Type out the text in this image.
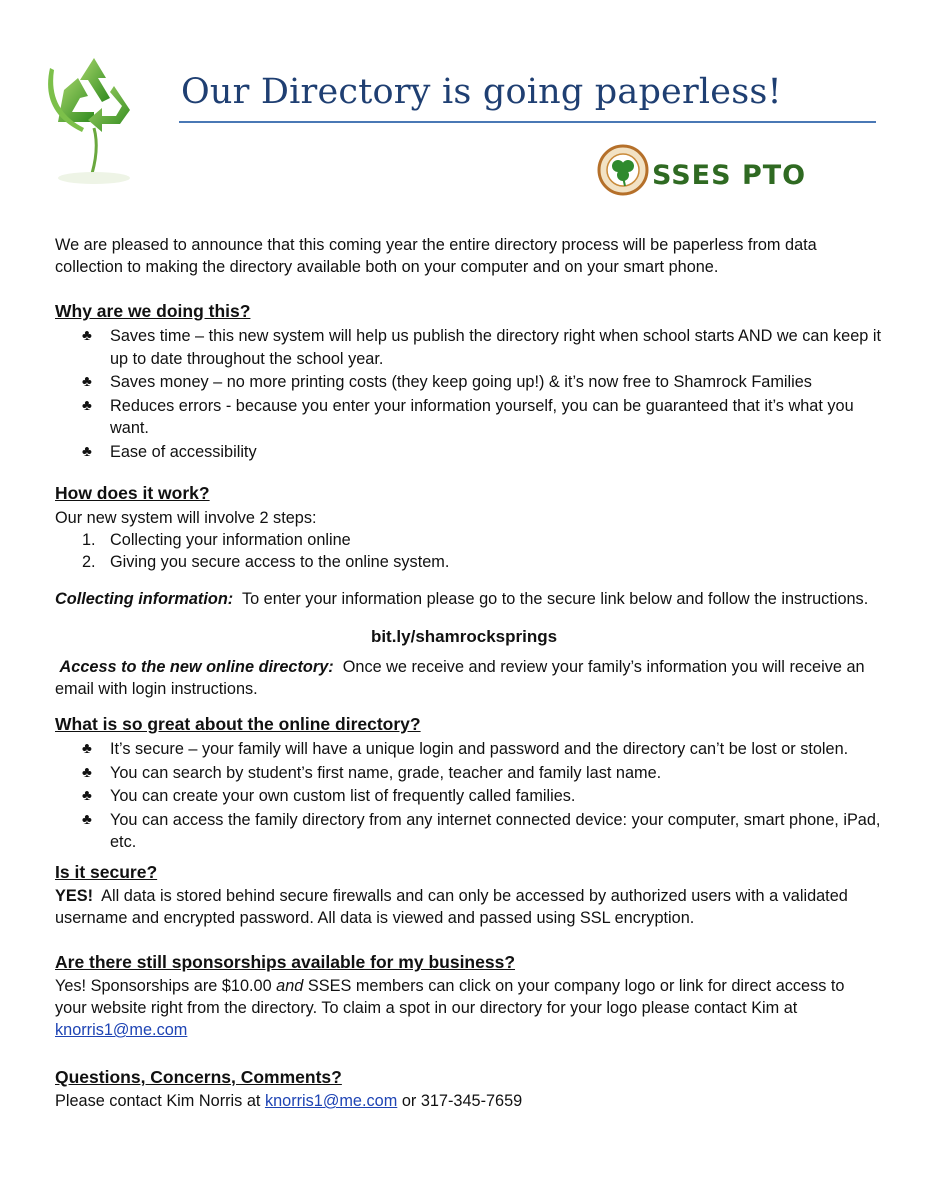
Our Directory is going paperless!
SSES PTO

We are pleased to announce that this coming year the entire directory process will be paperless from data collection to making the directory available both on your computer and on your smart phone.

Why are we doing this?
♣ Saves time – this new system will help us publish the directory right when school starts AND we can keep it up to date throughout the school year.
♣ Saves money – no more printing costs (they keep going up!) & it’s now free to Shamrock Families
♣ Reduces errors - because you enter your information yourself, you can be guaranteed that it’s what you want.
♣ Ease of accessibility
How does it work?

Our new system will involve 2 steps:

1. Collecting your information online
2. Giving you secure access to the online system.

Collecting information: To enter your information please go to the secure link below and follow the instructions.

bit.ly/shamrocksprings

Access to the new online directory: Once we receive and review your family’s information you will receive an email with login instructions.

What is so great about the online directory?
♣ It’s secure – your family will have a unique login and password and the directory can’t be lost or stolen.
♣ You can search by student’s first name, grade, teacher and family last name.
♣ You can create your own custom list of frequently called families.
♣ You can access the family directory from any internet connected device: your computer, smart phone, iPad, etc.
Is it secure?

YES! All data is stored behind secure firewalls and can only be accessed by authorized users with a validated username and encrypted password. All data is viewed and passed using SSL encryption.

Are there still sponsorships available for my business?

Yes! Sponsorships are $10.00 and SSES members can click on your company logo or link for direct access to your website right from the directory. To claim a spot in our directory for your logo please contact Kim at knorris1@me.com

Questions, Concerns, Comments?

Please contact Kim Norris at knorris1@me.com or 317-345-7659
